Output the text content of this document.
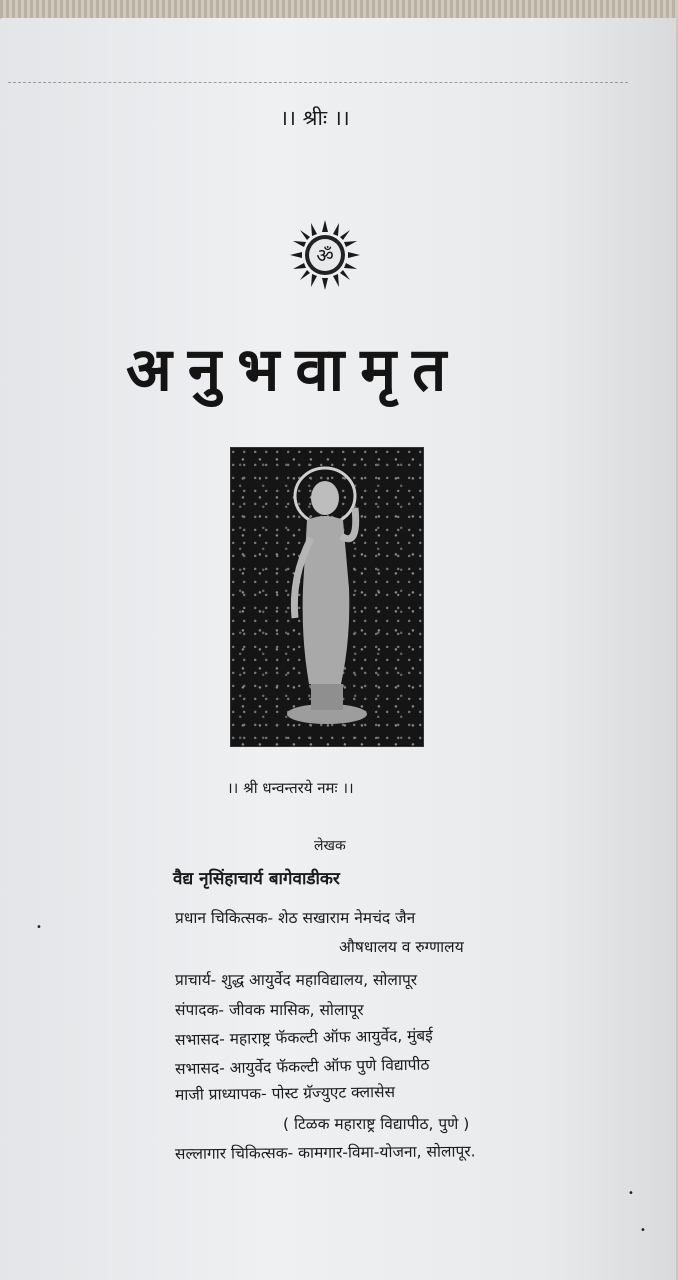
।। श्रीः ।।
ॐ
अनुभवामृत
।। श्री धन्वन्तरये नमः ।।
लेखक
वैद्य नृसिंहाचार्य बागेवाडीकर
प्रधान चिकित्सक- शेठ सखाराम नेमचंद जैन
औषधालय व रुग्णालय
प्राचार्य- शुद्ध आयुर्वेद महाविद्यालय, सोलापूर
संपादक- जीवक मासिक, सोलापूर
सभासद- महाराष्ट्र फॅकल्टी ऑफ आयुर्वेद, मुंबई
सभासद- आयुर्वेद फॅकल्टी ऑफ पुणे विद्यापीठ
माजी प्राध्यापक- पोस्ट ग्रॅज्युएट क्लासेस
( टिळक महाराष्ट्र विद्यापीठ, पुणे )
सल्लागार चिकित्सक- कामगार-विमा-योजना, सोलापूर.
•
•
•
